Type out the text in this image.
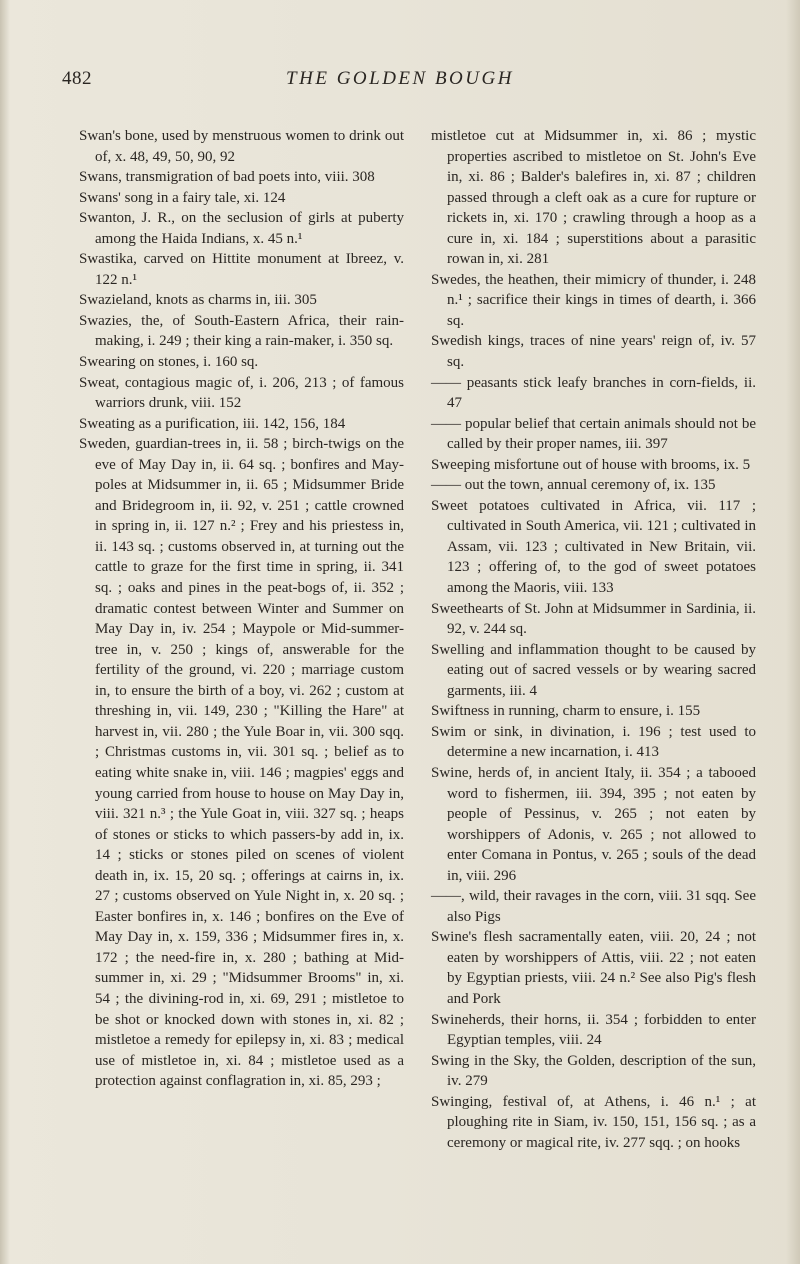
482	THE GOLDEN BOUGH

Swan's bone, used by menstruous women to drink out of, x. 48, 49, 50, 90, 92

Swans, transmigration of bad poets into, viii. 308

Swans' song in a fairy tale, xi. 124

Swanton, J. R., on the seclusion of girls at puberty among the Haida Indians, x. 45 n.¹

Swastika, carved on Hittite monument at Ibreez, v. 122 n.¹

Swazieland, knots as charms in, iii. 305

Swazies, the, of South-Eastern Africa, their rain-making, i. 249 ; their king a rain-maker, i. 350 sq.

Swearing on stones, i. 160 sq.

Sweat, contagious magic of, i. 206, 213 ; of famous warriors drunk, viii. 152

Sweating as a purification, iii. 142, 156, 184

Sweden, guardian-trees in, ii. 58 ; birch-twigs on the eve of May Day in, ii. 64 sq. ; bonfires and May-poles at Midsummer in, ii. 65 ; Midsummer Bride and Bridegroom in, ii. 92, v. 251 ; cattle crowned in spring in, ii. 127 n.² ; Frey and his priestess in, ii. 143 sq. ; customs observed in, at turning out the cattle to graze for the first time in spring, ii. 341 sq. ; oaks and pines in the peat-bogs of, ii. 352 ; dramatic contest between Winter and Summer on May Day in, iv. 254 ; Maypole or Mid-summer-tree in, v. 250 ; kings of, answerable for the fertility of the ground, vi. 220 ; marriage custom in, to ensure the birth of a boy, vi. 262 ; custom at threshing in, vii. 149, 230 ; "Killing the Hare" at harvest in, vii. 280 ; the Yule Boar in, vii. 300 sqq. ; Christmas customs in, vii. 301 sq. ; belief as to eating white snake in, viii. 146 ; magpies' eggs and young carried from house to house on May Day in, viii. 321 n.³ ; the Yule Goat in, viii. 327 sq. ; heaps of stones or sticks to which passers-by add in, ix. 14 ; sticks or stones piled on scenes of violent death in, ix. 15, 20 sq. ; offerings at cairns in, ix. 27 ; customs observed on Yule Night in, x. 20 sq. ; Easter bonfires in, x. 146 ; bonfires on the Eve of May Day in, x. 159, 336 ; Midsummer fires in, x. 172 ; the need-fire in, x. 280 ; bathing at Mid-summer in, xi. 29 ; "Midsummer Brooms" in, xi. 54 ; the divining-rod in, xi. 69, 291 ; mistletoe to be shot or knocked down with stones in, xi. 82 ; mistletoe a remedy for epilepsy in, xi. 83 ; medical use of mistletoe in, xi. 84 ; mistletoe used as a protection against conflagration in, xi. 85, 293 ;

mistletoe cut at Midsummer in, xi. 86 ; mystic properties ascribed to mistletoe on St. John's Eve in, xi. 86 ; Balder's balefires in, xi. 87 ; children passed through a cleft oak as a cure for rupture or rickets in, xi. 170 ; crawling through a hoop as a cure in, xi. 184 ; superstitions about a parasitic rowan in, xi. 281

Swedes, the heathen, their mimicry of thunder, i. 248 n.¹ ; sacrifice their kings in times of dearth, i. 366 sq.

Swedish kings, traces of nine years' reign of, iv. 57 sq.

—— peasants stick leafy branches in corn-fields, ii. 47

—— popular belief that certain animals should not be called by their proper names, iii. 397

Sweeping misfortune out of house with brooms, ix. 5

—— out the town, annual ceremony of, ix. 135

Sweet potatoes cultivated in Africa, vii. 117 ; cultivated in South America, vii. 121 ; cultivated in Assam, vii. 123 ; cultivated in New Britain, vii. 123 ; offering of, to the god of sweet potatoes among the Maoris, viii. 133

Sweethearts of St. John at Midsummer in Sardinia, ii. 92, v. 244 sq.

Swelling and inflammation thought to be caused by eating out of sacred vessels or by wearing sacred garments, iii. 4

Swiftness in running, charm to ensure, i. 155

Swim or sink, in divination, i. 196 ; test used to determine a new incarnation, i. 413

Swine, herds of, in ancient Italy, ii. 354 ; a tabooed word to fishermen, iii. 394, 395 ; not eaten by people of Pessinus, v. 265 ; not eaten by worshippers of Adonis, v. 265 ; not allowed to enter Comana in Pontus, v. 265 ; souls of the dead in, viii. 296

——, wild, their ravages in the corn, viii. 31 sqq. See also Pigs

Swine's flesh sacramentally eaten, viii. 20, 24 ; not eaten by worshippers of Attis, viii. 22 ; not eaten by Egyptian priests, viii. 24 n.² See also Pig's flesh and Pork

Swineherds, their horns, ii. 354 ; forbidden to enter Egyptian temples, viii. 24

Swing in the Sky, the Golden, description of the sun, iv. 279

Swinging, festival of, at Athens, i. 46 n.¹ ; at ploughing rite in Siam, iv. 150, 151, 156 sq. ; as a ceremony or magical rite, iv. 277 sqq. ; on hooks
